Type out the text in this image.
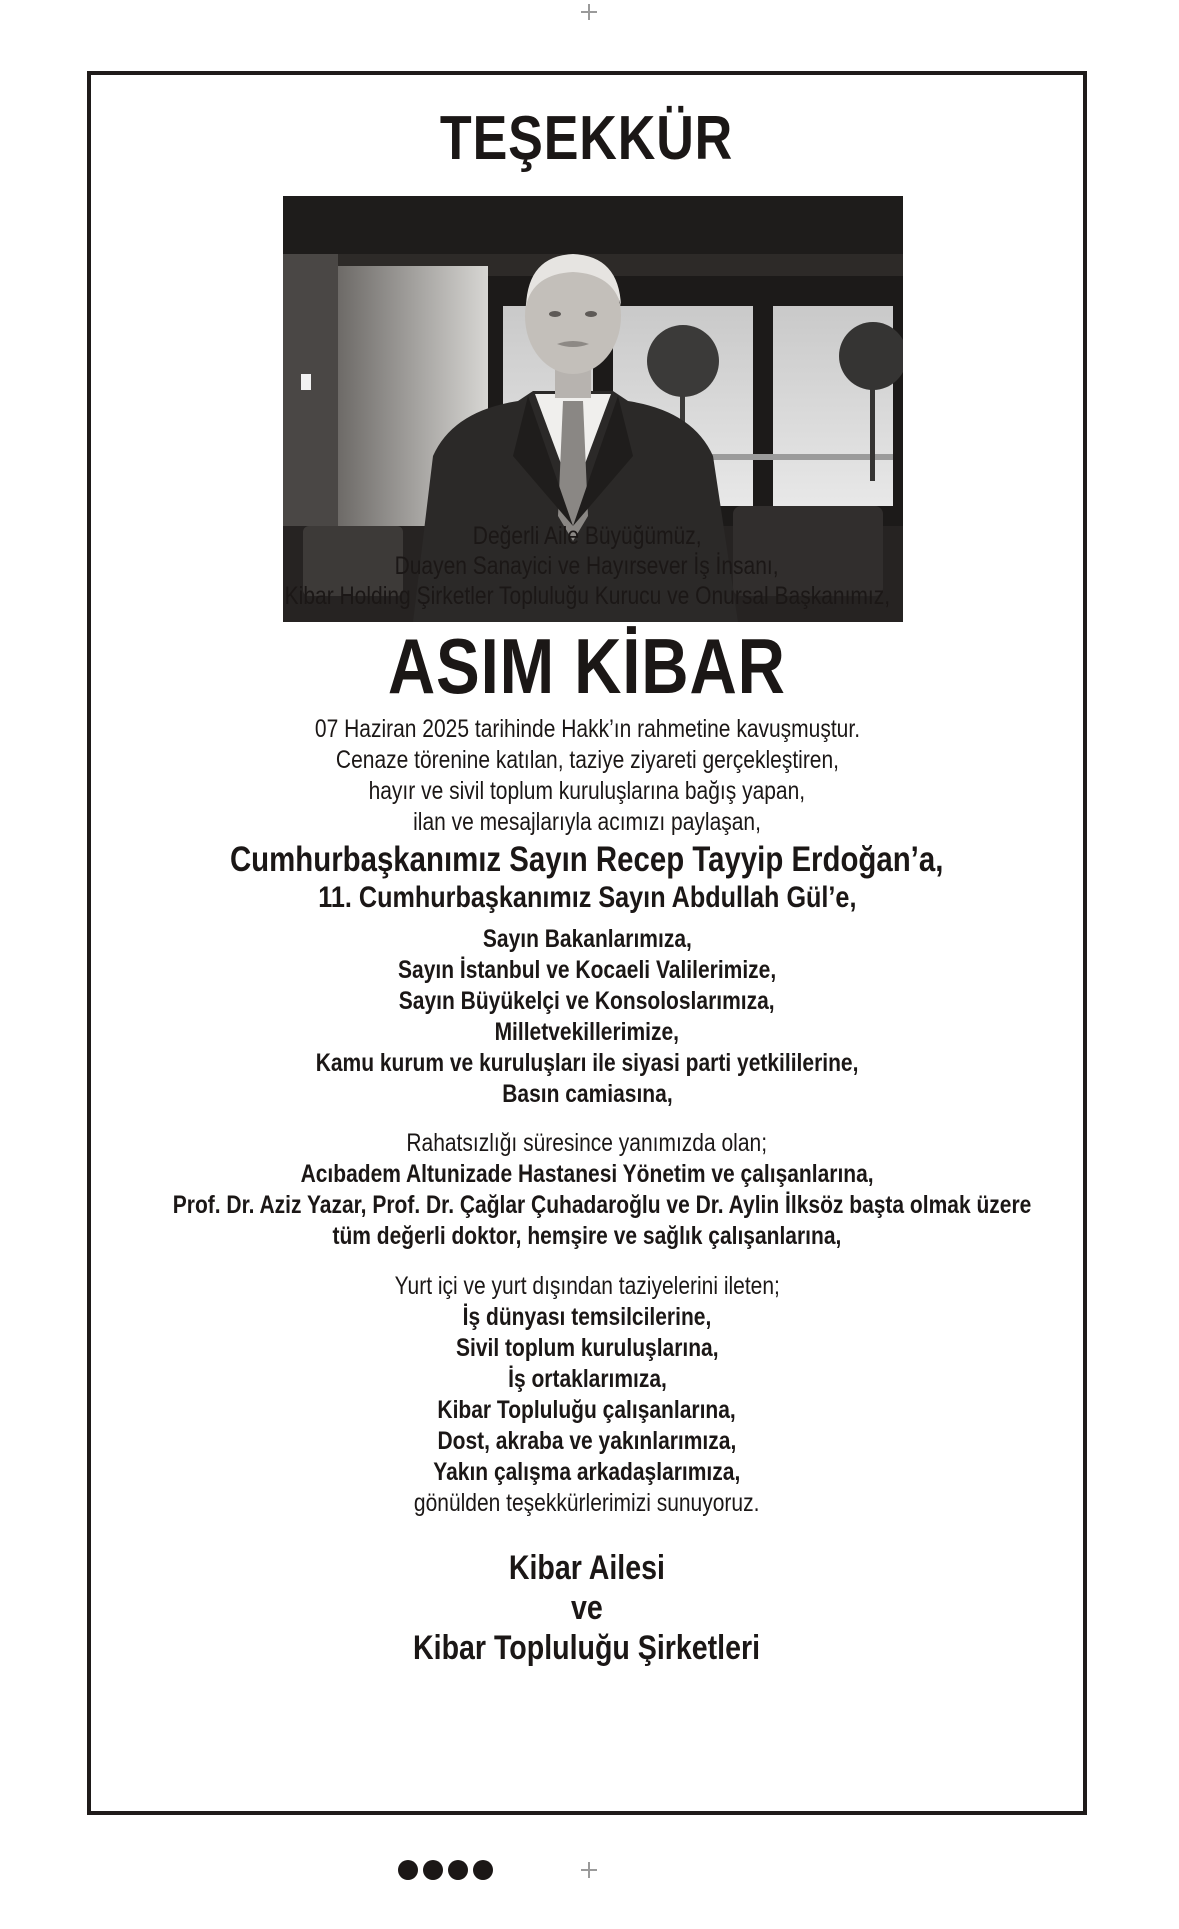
TEŞEKKÜR
Değerli Aile Büyüğümüz,
Duayen Sanayici ve Hayırsever İş İnsanı,
Kibar Holding Şirketler Topluluğu Kurucu ve Onursal Başkanımız,
ASIM KİBAR
07 Haziran 2025 tarihinde Hakk’ın rahmetine kavuşmuştur.
Cenaze törenine katılan, taziye ziyareti gerçekleştiren,
hayır ve sivil toplum kuruluşlarına bağış yapan,
ilan ve mesajlarıyla acımızı paylaşan,
Cumhurbaşkanımız Sayın Recep Tayyip Erdoğan’a,
11. Cumhurbaşkanımız Sayın Abdullah Gül’e,
Sayın Bakanlarımıza,
Sayın İstanbul ve Kocaeli Valilerimize,
Sayın Büyükelçi ve Konsoloslarımıza,
Milletvekillerimize,
Kamu kurum ve kuruluşları ile siyasi parti yetkililerine,
Basın camiasına,
Rahatsızlığı süresince yanımızda olan;
Acıbadem Altunizade Hastanesi Yönetim ve çalışanlarına,
Prof. Dr. Aziz Yazar, Prof. Dr. Çağlar Çuhadaroğlu ve Dr. Aylin İlksöz başta olmak üzere
tüm değerli doktor, hemşire ve sağlık çalışanlarına,
Yurt içi ve yurt dışından taziyelerini ileten;
İş dünyası temsilcilerine,
Sivil toplum kuruluşlarına,
İş ortaklarımıza,
Kibar Topluluğu çalışanlarına,
Dost, akraba ve yakınlarımıza,
Yakın çalışma arkadaşlarımıza,
gönülden teşekkürlerimizi sunuyoruz.
Kibar Ailesi
ve
Kibar Topluluğu Şirketleri
